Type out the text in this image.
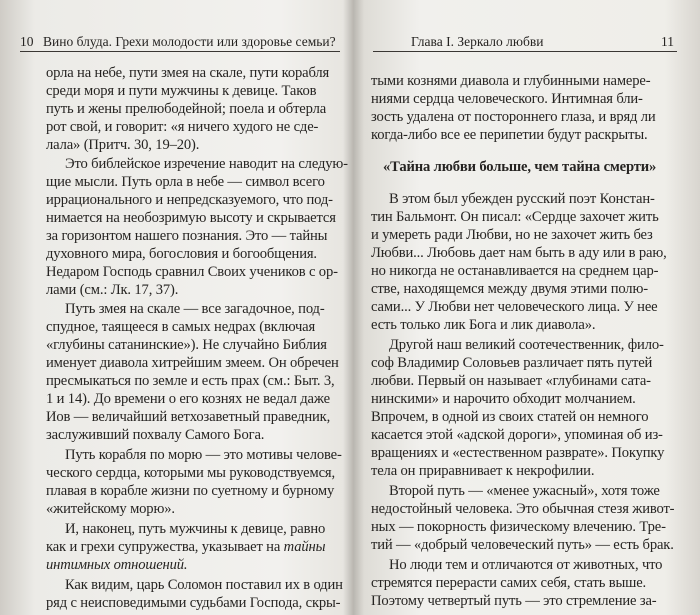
10 Вино блуда. Грехи молодости или здоровье семьи?
орла на небе, пути змея на скале, пути корабля
среди моря и пути мужчины к девице. Таков
путь и жены прелюбодейной; поела и обтерла
рот свой, и говорит: «я ничего худого не сде-
лала» (Притч. 30, 19–20).
Это библейское изречение наводит на следую-
щие мысли. Путь орла в небе — символ всего
иррационального и непредсказуемого, что под-
нимается на необозримую высоту и скрывается
за горизонтом нашего познания. Это — тайны
духовного мира, богословия и богообщения.
Недаром Господь сравнил Своих учеников с ор-
лами (см.: Лк. 17, 37).
Путь змея на скале — все загадочное, под-
спудное, таящееся в самых недрах (включая
«глубины сатанинские»). Не случайно Библия
именует диавола хитрейшим змеем. Он обречен
пресмыкаться по земле и есть прах (см.: Быт. 3,
1 и 14). До времени о его кознях не ведал даже
Иов — величайший ветхозаветный праведник,
заслуживший похвалу Самого Бога.
Путь корабля по морю — это мотивы челове-
ческого сердца, которыми мы руководствуемся,
плавая в корабле жизни по суетному и бурному
«житейскому морю».
И, наконец, путь мужчины к девице, равно
как и грехи супружества, указывает на тайны
интимных отношений.
Как видим, царь Соломон поставил их в один
ряд с неисповедимыми судьбами Господа, скры-
Глава I. Зеркало любви	11
тыми кознями диавола и глубинными намере-
ниями сердца человеческого. Интимная бли-
зость удалена от постороннего глаза, и вряд ли
когда-либо все ее перипетии будут раскрыты.
«Тайна любви больше, чем тайна смерти»
В этом был убежден русский поэт Констан-
тин Бальмонт. Он писал: «Сердце захочет жить
и умереть ради Любви, но не захочет жить без
Любви... Любовь дает нам быть в аду или в раю,
но никогда не останавливается на среднем цар-
стве, находящемся между двумя этими полю-
сами... У Любви нет человеческого лица. У нее
есть только лик Бога и лик диавола».
Другой наш великий соотечественник, фило-
соф Владимир Соловьев различает пять путей
любви. Первый он называет «глубинами сата-
нинскими» и нарочито обходит молчанием.
Впрочем, в одной из своих статей он немного
касается этой «адской дороги», упоминая об из-
вращениях и «естественном разврате». Покупку
тела он приравнивает к некрофилии.
Второй путь — «менее ужасный», хотя тоже
недостойный человека. Это обычная стезя живот-
ных — покорность физическому влечению. Тре-
тий — «добрый человеческий путь» — есть брак.
Но люди тем и отличаются от животных, что
стремятся перерасти самих себя, стать выше.
Поэтому четвертый путь — это стремление за-
